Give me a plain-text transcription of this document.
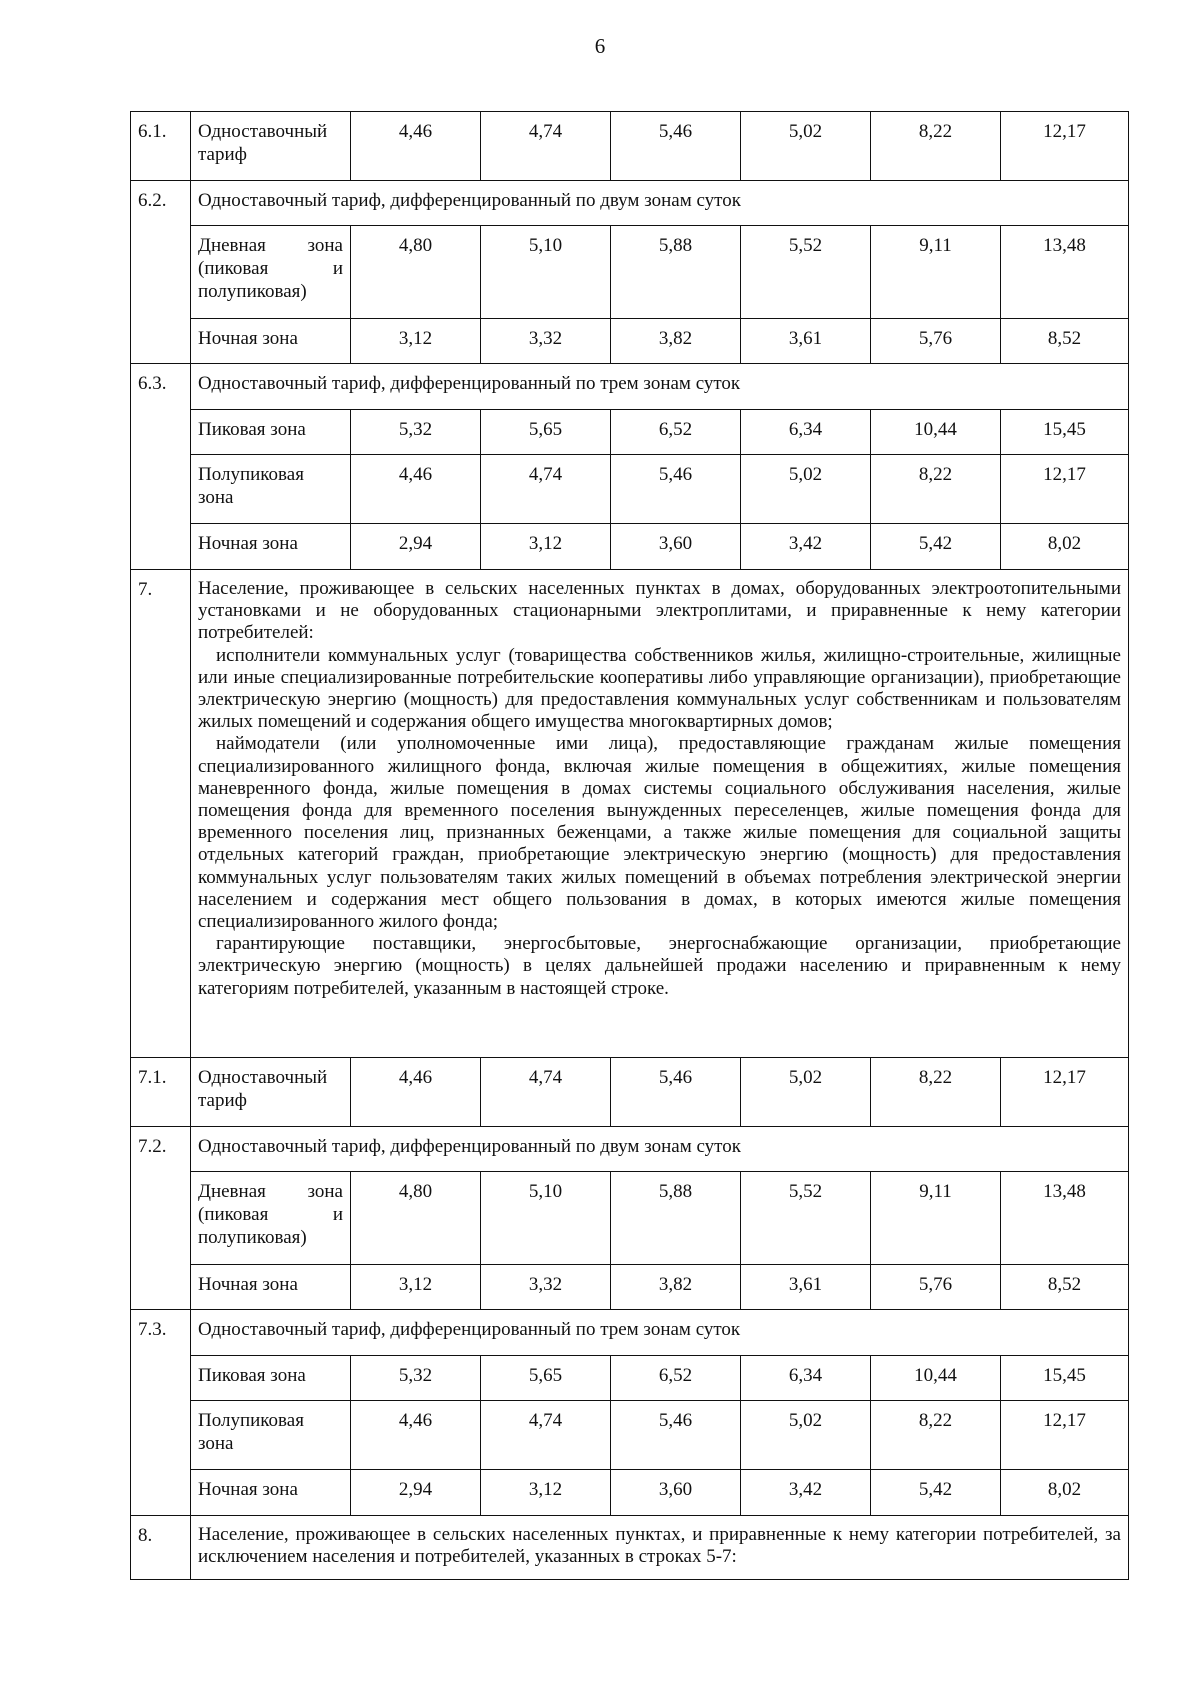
6
6.1.	Одноставочный тариф	4,46	4,74	5,46	5,02	8,22	12,17
6.2.	Одноставочный тариф, дифференцированный по двум зонам суток						
	Дневная зона (пиковая и полупиковая)	4,80	5,10	5,88	5,52	9,11	13,48
	Ночная зона	3,12	3,32	3,82	3,61	5,76	8,52
6.3.	Одноставочный тариф, дифференцированный по трем зонам суток						
	Пиковая зона	5,32	5,65	6,52	6,34	10,44	15,45
	Полупиковая зона	4,46	4,74	5,46	5,02	8,22	12,17
	Ночная зона	2,94	3,12	3,60	3,42	5,42	8,02
7.	Население, проживающее в сельских населенных пунктах в домах, оборудованных электроотопительными установками и не оборудованных стационарными электроплитами, и приравненные к нему категории потребителей:

исполнители коммунальных услуг (товарищества собственников жилья, жилищно-строительные, жилищные или иные специализированные потребительские кооперативы либо управляющие организации), приобретающие электрическую энергию (мощность) для предоставления коммунальных услуг собственникам и пользователям жилых помещений и содержания общего имущества многоквартирных домов;

наймодатели (или уполномоченные ими лица), предоставляющие гражданам жилые помещения специализированного жилищного фонда, включая жилые помещения в общежитиях, жилые помещения маневренного фонда, жилые помещения в домах системы социального обслуживания населения, жилые помещения фонда для временного поселения вынужденных переселенцев, жилые помещения фонда для временного поселения лиц, признанных беженцами, а также жилые помещения для социальной защиты отдельных категорий граждан, приобретающие электрическую энергию (мощность) для предоставления коммунальных услуг пользователям таких жилых помещений в объемах потребления электрической энергии населением и содержания мест общего пользования в домах, в которых имеются жилые помещения специализированного жилого фонда;

гарантирующие поставщики, энергосбытовые, энергоснабжающие организации, приобретающие электрическую энергию (мощность) в целях дальнейшей продажи населению и приравненным к нему категориям потребителей, указанным в настоящей строке.						

7.1.	Одноставочный тариф	4,46	4,74	5,46	5,02	8,22	12,17
7.2.	Одноставочный тариф, дифференцированный по двум зонам суток						
	Дневная зона (пиковая и полупиковая)	4,80	5,10	5,88	5,52	9,11	13,48
	Ночная зона	3,12	3,32	3,82	3,61	5,76	8,52
7.3.	Одноставочный тариф, дифференцированный по трем зонам суток						
	Пиковая зона	5,32	5,65	6,52	6,34	10,44	15,45
	Полупиковая зона	4,46	4,74	5,46	5,02	8,22	12,17
	Ночная зона	2,94	3,12	3,60	3,42	5,42	8,02
8.	Население, проживающее в сельских населенных пунктах, и приравненные к нему категории потребителей, за исключением населения и потребителей, указанных в строках 5-7:						
